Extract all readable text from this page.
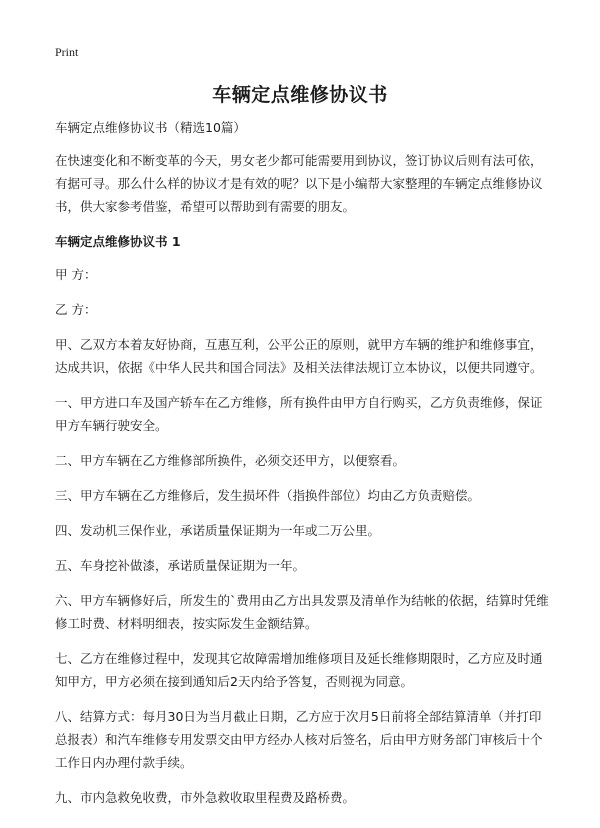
Print
车辆定点维修协议书

车辆定点维修协议书（精选10篇）

在快速变化和不断变革的今天，男女老少都可能需要用到协议，签订协议后则有法可依，有据可寻。那么什么样的协议才是有效的呢？以下是小编帮大家整理的车辆定点维修协议书，供大家参考借鉴，希望可以帮助到有需要的朋友。

车辆定点维修协议书 1

甲 方：

乙 方：

甲、乙双方本着友好协商，互惠互利，公平公正的原则，就甲方车辆的维护和维修事宜，达成共识，依据《中华人民共和国合同法》及相关法律法规订立本协议，以便共同遵守。

一、甲方进口车及国产轿车在乙方维修，所有换件由甲方自行购买，乙方负责维修，保证甲方车辆行驶安全。

二、甲方车辆在乙方维修部所换件，必须交还甲方，以便察看。

三、甲方车辆在乙方维修后，发生损坏件（指换件部位）均由乙方负责赔偿。

四、发动机三保作业，承诺质量保证期为一年或二万公里。

五、车身挖补做漆，承诺质量保证期为一年。

六、甲方车辆修好后，所发生的`费用由乙方出具发票及清单作为结帐的依据，结算时凭维修工时费、材料明细表，按实际发生金额结算。

七、乙方在维修过程中，发现其它故障需增加维修项目及延长维修期限时，乙方应及时通知甲方，甲方必须在接到通知后2天内给予答复，否则视为同意。

八、结算方式：每月30日为当月截止日期，乙方应于次月5日前将全部结算清单（并打印总报表）和汽车维修专用发票交由甲方经办人核对后签名，后由甲方财务部门审核后十个工作日内办理付款手续。

九、市内急救免收费，市外急救收取里程费及路桥费。
